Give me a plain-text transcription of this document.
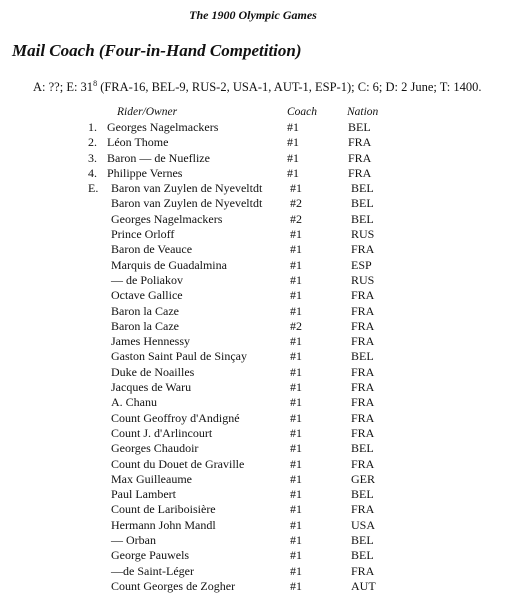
The 1900 Olympic Games
Mail Coach (Four-in-Hand Competition)
A: ??; E: $31^8$ (FRA-16, BEL-9, RUS-2, USA-1, AUT-1, ESP-1); C: 6; D: 2 June; T: 1400.
Rider/Owner	Coach	Nation
1. Georges Nagelmackers	#1	BEL
2. Léon Thome	#1	FRA
3. Baron –– de Nueflize	#1	FRA
4. Philippe Vernes	#1	FRA
E. Baron van Zuylen de Nyeveltdt #1	BEL
Baron van Zuylen de Nyeveltdt #2	BEL
Georges Nagelmackers	#2	BEL
Prince Orloff	#1	RUS
Baron de Veauce	#1	FRA
Marquis de Guadalmina	#1	ESP
–– de Poliakov	#1	RUS
Octave Gallice	#1	FRA
Baron la Caze	#1	FRA
Baron la Caze	#2	FRA
James Hennessy	#1	FRA
Gaston Saint Paul de Sinçay	#1	BEL
Duke de Noailles	#1	FRA
Jacques de Waru	#1	FRA
A. Chanu	#1	FRA
Count Geoffroy d'Andigné	#1	FRA
Count J. d'Arlincourt	#1	FRA
Georges Chaudoir	#1	BEL
Count du Douet de Graville	#1	FRA
Max Guilleaume	#1	GER
Paul Lambert	#1	BEL
Count de Lariboisière	#1	FRA
Hermann John Mandl	#1	USA
–– Orban	#1	BEL
George Pauwels	#1	BEL
––de Saint-Léger	#1	FRA
Count Georges de Zogher	#1	AUT
